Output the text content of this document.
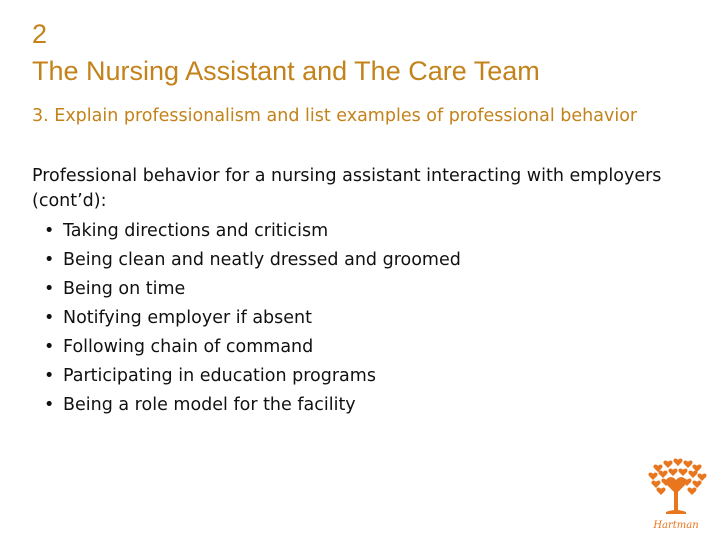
2
The Nursing Assistant and The Care Team
3. Explain professionalism and list examples of professional behavior
Professional behavior for a nursing assistant interacting with employers (cont’d):
• Taking directions and criticism
• Being clean and neatly dressed and groomed
• Being on time
• Notifying employer if absent
• Following chain of command
• Participating in education programs
• Being a role model for the facility
Hartman
